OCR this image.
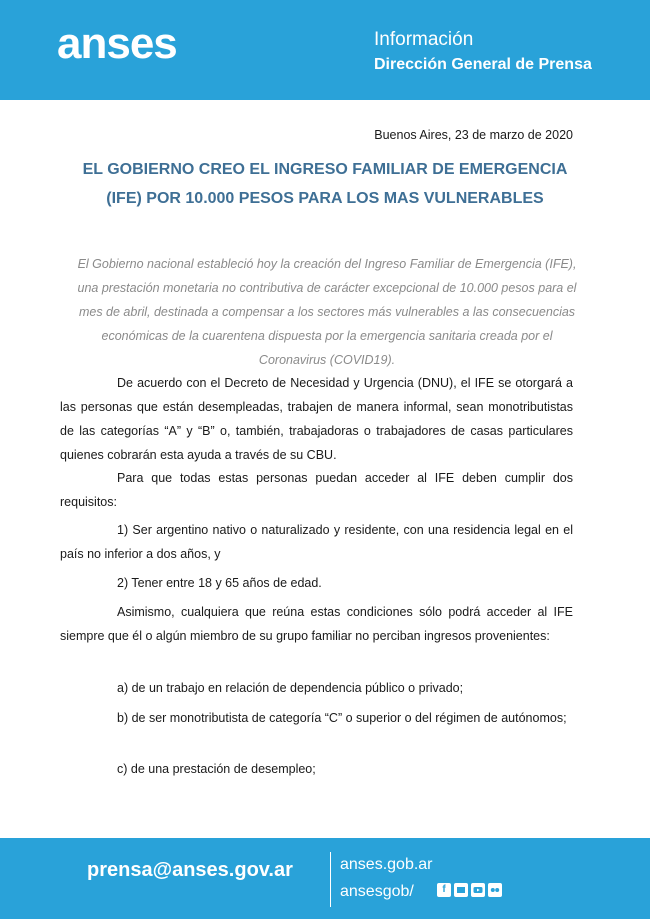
anses	Información
Dirección General de Prensa
Buenos Aires, 23 de marzo de 2020
EL GOBIERNO CREO EL INGRESO FAMILIAR DE EMERGENCIA (IFE) POR 10.000 PESOS PARA LOS MAS VULNERABLES
El Gobierno nacional estableció hoy la creación del Ingreso Familiar de Emergencia (IFE), una prestación monetaria no contributiva de carácter excepcional de 10.000 pesos para el mes de abril, destinada a compensar a los sectores más vulnerables a las consecuencias económicas de la cuarentena dispuesta por la emergencia sanitaria creada por el Coronavirus (COVID19).

De acuerdo con el Decreto de Necesidad y Urgencia (DNU), el IFE se otorgará a las personas que están desempleadas, trabajen de manera informal, sean monotributistas de las categorías “A” y “B” o, también, trabajadoras o trabajadores de casas particulares quienes cobrarán esta ayuda a través de su CBU.

Para que todas estas personas puedan acceder al IFE deben cumplir dos requisitos:

1) Ser argentino nativo o naturalizado y residente, con una residencia legal en el país no inferior a dos años, y

2) Tener entre 18 y 65 años de edad.

Asimismo, cualquiera que reúna estas condiciones sólo podrá acceder al IFE siempre que él o algún miembro de su grupo familiar no perciban ingresos provenientes:

a) de un trabajo en relación de dependencia público o privado;

b) de ser monotributista de categoría “C” o superior o del régimen de autónomos;

c) de una prestación de desempleo;

prensa@anses.gov.ar	anses.gob.ar
ansesgob/	f
